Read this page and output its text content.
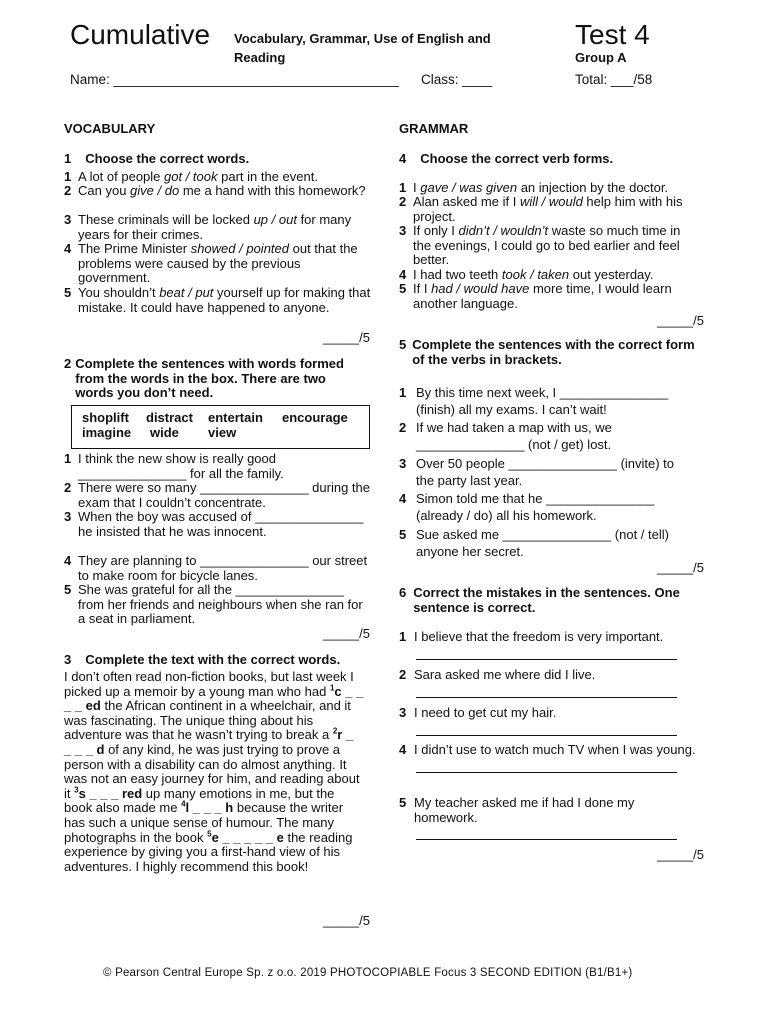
Cumulative Vocabulary, Grammar, Use of English and
Reading
Test 4
Group A
Name: ______________________________________ Class: ____	Total: ___/58
VOCABULARY
1 Choose the correct words.
1 A lot of people got / took part in the event.
2 Can you give / do me a hand with this homework?
3 These criminals will be locked up / out for many years for their crimes.
4 The Prime Minister showed / pointed out that the problems were caused by the previous government.
5 You shouldn’t beat / put yourself up for making that mistake. It could have happened to anyone.
_____/5
2 Complete the sentences with words formed from the words in the box. There are two words you don’t need.
shoplift distract entertain encourage
imagine wide view
1 I think the new show is really good _______________ for all the family.
2 There were so many _______________ during the exam that I couldn’t concentrate.
3 When the boy was accused of _______________ he insisted that he was innocent.
4 They are planning to _______________ our street to make room for bicycle lanes.
5 She was grateful for all the _______________ from her friends and neighbours when she ran for a seat in parliament.
_____/5
3 Complete the text with the correct words.
I don’t often read non-fiction books, but last week I picked up a memoir by a young man who had $^1$c _ _ _ _ ed the African continent in a wheelchair, and it was fascinating. The unique thing about his adventure was that he wasn’t trying to break a $^2$r _ _ _ _ d of any kind, he was just trying to prove a person with a disability can do almost anything. It was not an easy journey for him, and reading about it $^3$s _ _ _ red up many emotions in me, but the book also made me $^4$l _ _ _ h because the writer has such a unique sense of humour. The many photographs in the book $^5$e _ _ _ _ _ e the reading experience by giving you a first-hand view of his adventures. I highly recommend this book!
_____/5
GRAMMAR
4 Choose the correct verb forms.
1 I gave / was given an injection by the doctor.
2 Alan asked me if I will / would help him with his project.
3 If only I didn’t / wouldn’t waste so much time in the evenings, I could go to bed earlier and feel better.
4 I had two teeth took / taken out yesterday.
5 If I had / would have more time, I would learn another language.
_____/5
5 Complete the sentences with the correct form of the verbs in brackets.
1 By this time next week, I _______________
(finish) all my exams. I can’t wait!
2 If we had taken a map with us, we
_______________ (not / get) lost.
3 Over 50 people _______________ (invite) to
the party last year.
4 Simon told me that he _______________
(already / do) all his homework.
5 Sue asked me _______________ (not / tell)
anyone her secret.
_____/5
6 Correct the mistakes in the sentences. One sentence is correct.
1 I believe that the freedom is very important.
2 Sara asked me where did I live.
3 I need to get cut my hair.
4 I didn’t use to watch much TV when I was young.
5 My teacher asked me if had I done my homework.
_____/5
© Pearson Central Europe Sp. z o.o. 2019 PHOTOCOPIABLE Focus 3 SECOND EDITION (B1/B1+)
